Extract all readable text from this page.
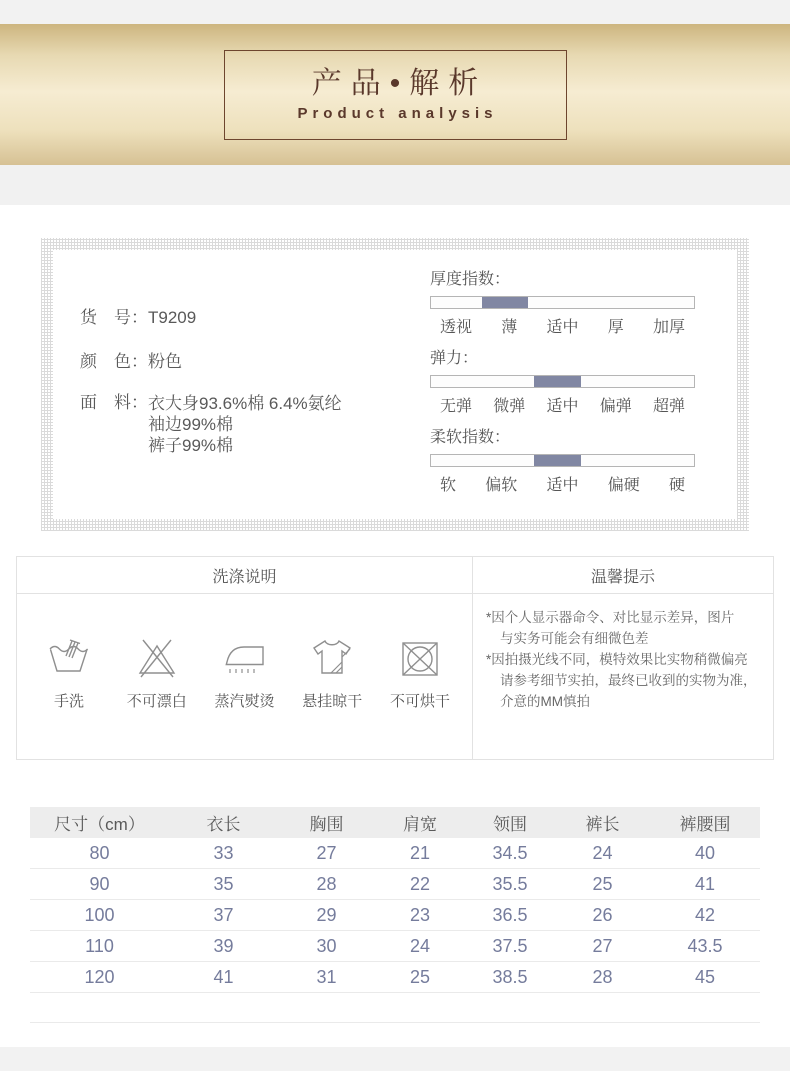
产品•解析
Product analysis
货　号： T9209
颜　色： 粉色
面　料： 衣大身93.6%棉 6.4%氨纶
袖边99%棉
裤子99%棉
厚度指数：
透视 薄 适中 厚 加厚
弹力：
无弹 微弹 适中 偏弹 超弹
柔软指数：
软 偏软 适中 偏硬 硬
洗涤说明	温馨提示
手洗	不可漂白 蒸汽熨烫 悬挂晾干 不可烘干
*因个人显示器命令、对比显示差异，图片
与实务可能会有细微色差
*因拍摄光线不同，模特效果比实物稍微偏亮
请参考细节实拍，最终已收到的实物为准，
介意的MM慎拍
尺寸（cm）	衣长	胸围	肩宽	领围	裤长	裤腰围
80	33	27	21	34.5	24	40
90	35	28	22	35.5	25	41
100	37	29	23	36.5	26	42
110	39	30	24	37.5	27	43.5
120	41	31	25	38.5	28	45
